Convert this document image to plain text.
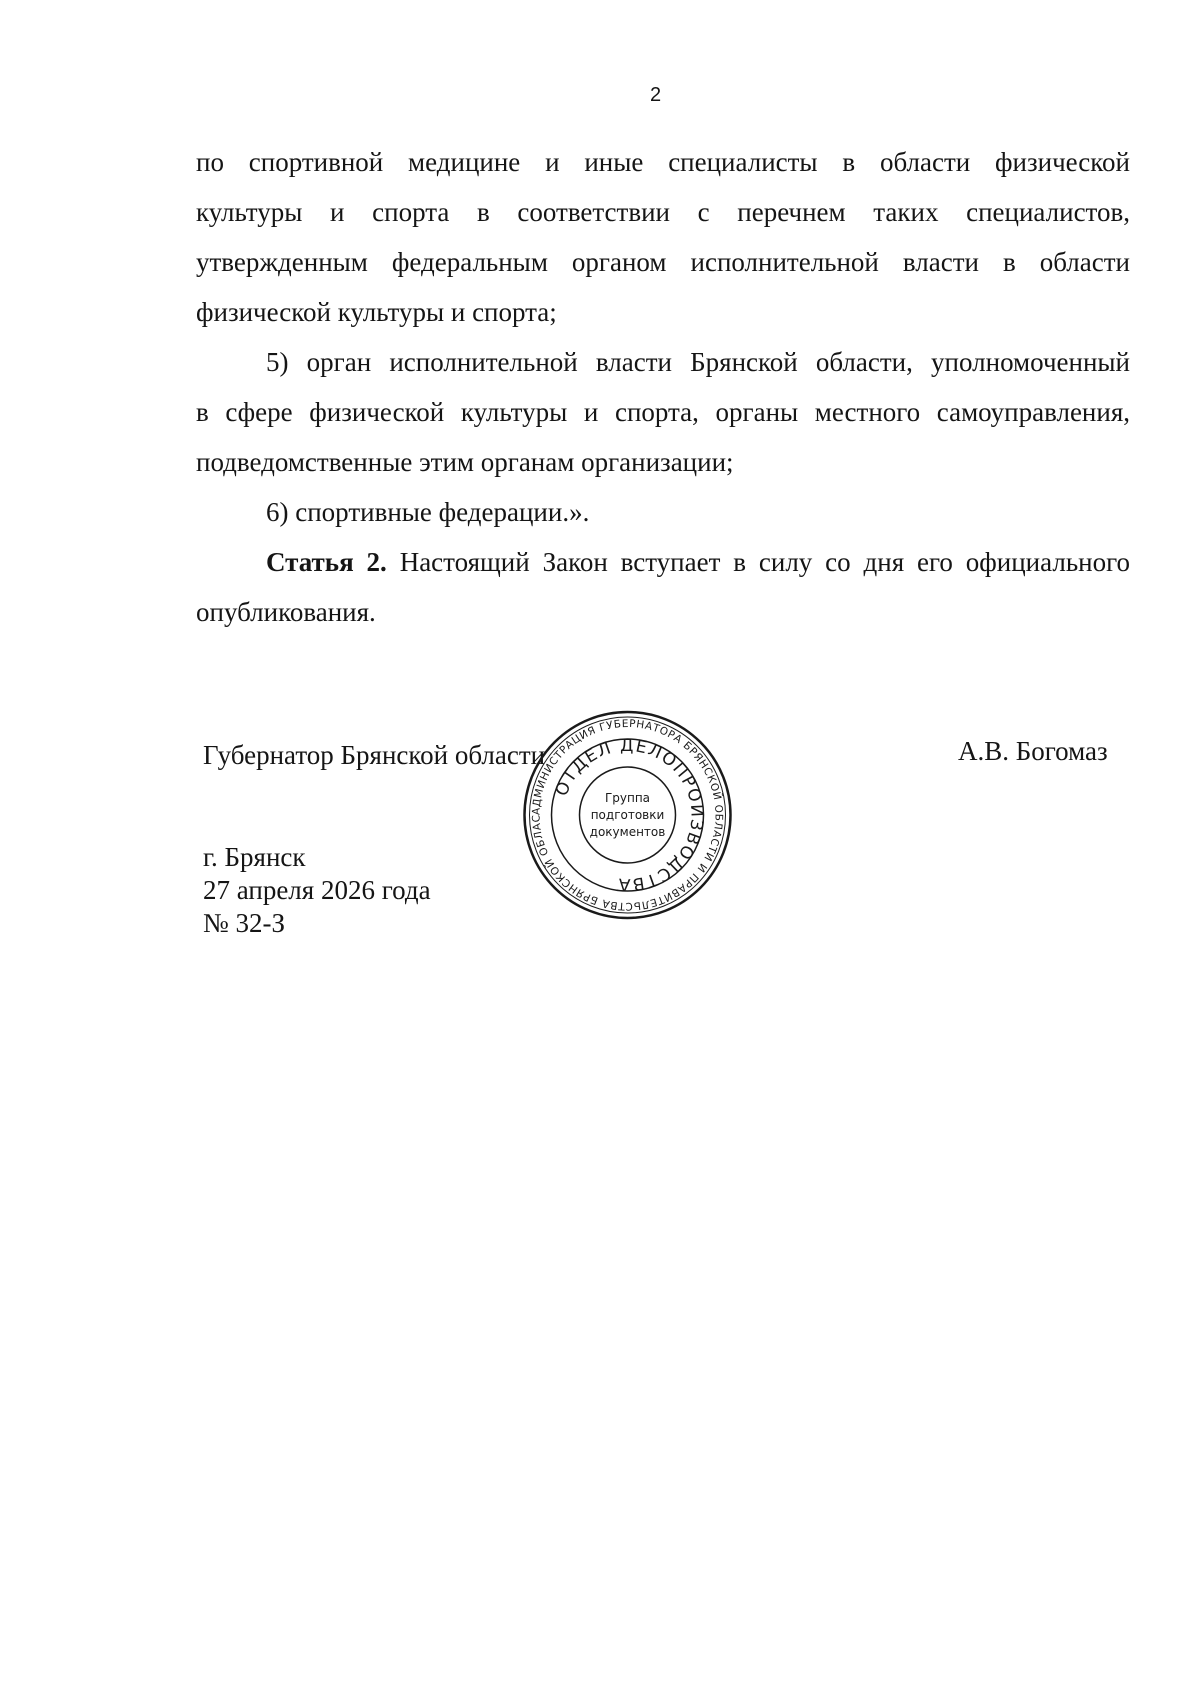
2

по спортивной медицине и иные специалисты в области физической
культуры и спорта в соответствии с перечнем таких специалистов,
утвержденным федеральным органом исполнительной власти в области
физической культуры и спорта;

5) орган исполнительной власти Брянской области, уполномоченный
в сфере физической культуры и спорта, органы местного самоуправления,
подведомственные этим органам организации;

6) спортивные федерации.».

Статья 2. Настоящий Закон вступает в силу со дня его официального
опубликования.

Губернатор Брянской области	А.В. Богомаз
г. Брянск
27 апреля 2026 года
№ 32-З
АДМИНИСТРАЦИЯ ГУБЕРНАТОРА БРЯНСКОЙ ОБЛАСТИ И ПРАВИТЕЛЬСТВА БРЯНСКОЙ ОБЛАС
ОТДЕЛ ДЕЛОПРОИЗВОДСТВА
Группа
подготовки
документов
